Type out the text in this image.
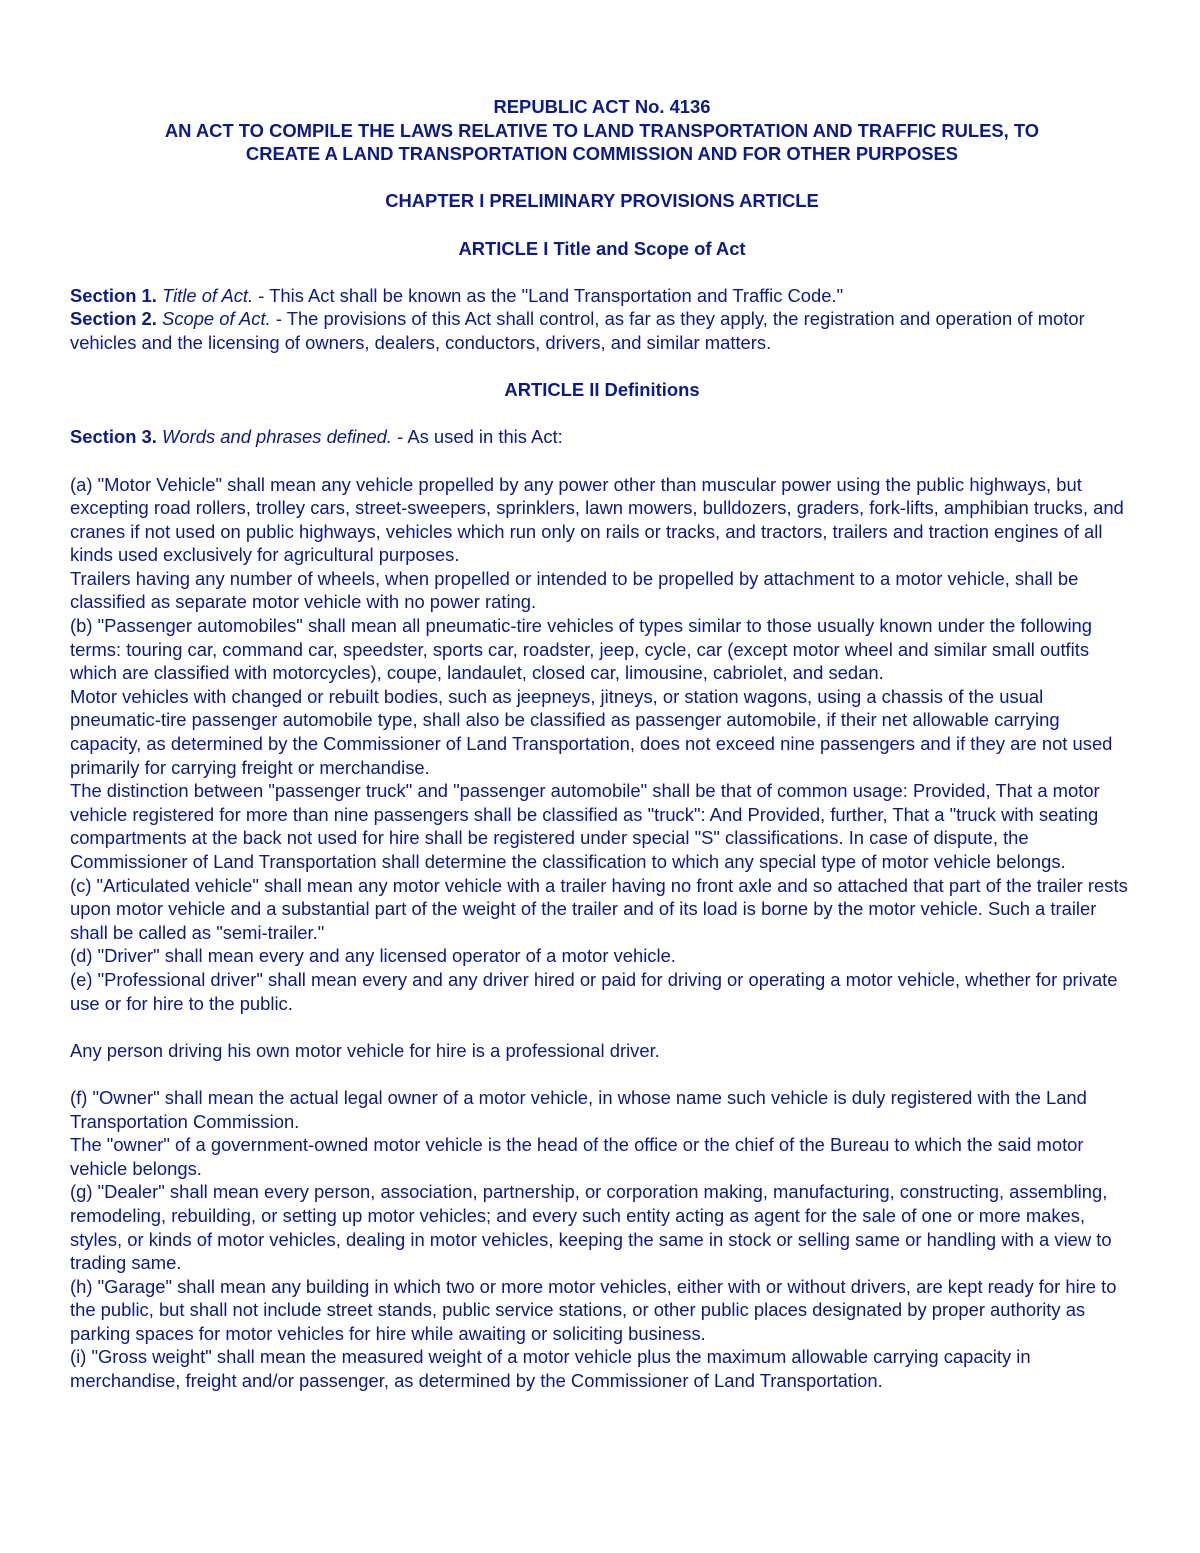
REPUBLIC ACT No. 4136

AN ACT TO COMPILE THE LAWS RELATIVE TO LAND TRANSPORTATION AND TRAFFIC RULES, TO

CREATE A LAND TRANSPORTATION COMMISSION AND FOR OTHER PURPOSES

CHAPTER I PRELIMINARY PROVISIONS ARTICLE

ARTICLE I Title and Scope of Act

Section 1. Title of Act. - This Act shall be known as the "Land Transportation and Traffic Code."

Section 2. Scope of Act. - The provisions of this Act shall control, as far as they apply, the registration and operation of motor vehicles and the licensing of owners, dealers, conductors, drivers, and similar matters.

ARTICLE II Definitions

Section 3. Words and phrases defined. - As used in this Act:

(a) "Motor Vehicle" shall mean any vehicle propelled by any power other than muscular power using the public highways, but excepting road rollers, trolley cars, street-sweepers, sprinklers, lawn mowers, bulldozers, graders, fork-lifts, amphibian trucks, and cranes if not used on public highways, vehicles which run only on rails or tracks, and tractors, trailers and traction engines of all kinds used exclusively for agricultural purposes.

Trailers having any number of wheels, when propelled or intended to be propelled by attachment to a motor vehicle, shall be classified as separate motor vehicle with no power rating.

(b) "Passenger automobiles" shall mean all pneumatic-tire vehicles of types similar to those usually known under the following terms: touring car, command car, speedster, sports car, roadster, jeep, cycle, car (except motor wheel and similar small outfits which are classified with motorcycles), coupe, landaulet, closed car, limousine, cabriolet, and sedan.

Motor vehicles with changed or rebuilt bodies, such as jeepneys, jitneys, or station wagons, using a chassis of the usual pneumatic-tire passenger automobile type, shall also be classified as passenger automobile, if their net allowable carrying capacity, as determined by the Commissioner of Land Transportation, does not exceed nine passengers and if they are not used primarily for carrying freight or merchandise.

The distinction between "passenger truck" and "passenger automobile" shall be that of common usage: Provided, That a motor vehicle registered for more than nine passengers shall be classified as "truck": And Provided, further, That a "truck with seating compartments at the back not used for hire shall be registered under special "S" classifications. In case of dispute, the Commissioner of Land Transportation shall determine the classification to which any special type of motor vehicle belongs.

(c) "Articulated vehicle" shall mean any motor vehicle with a trailer having no front axle and so attached that part of the trailer rests upon motor vehicle and a substantial part of the weight of the trailer and of its load is borne by the motor vehicle. Such a trailer shall be called as "semi-trailer."

(d) "Driver" shall mean every and any licensed operator of a motor vehicle.

(e) "Professional driver" shall mean every and any driver hired or paid for driving or operating a motor vehicle, whether for private use or for hire to the public.

Any person driving his own motor vehicle for hire is a professional driver.

(f) "Owner" shall mean the actual legal owner of a motor vehicle, in whose name such vehicle is duly registered with the Land Transportation Commission.

The "owner" of a government-owned motor vehicle is the head of the office or the chief of the Bureau to which the said motor vehicle belongs.

(g) "Dealer" shall mean every person, association, partnership, or corporation making, manufacturing, constructing, assembling, remodeling, rebuilding, or setting up motor vehicles; and every such entity acting as agent for the sale of one or more makes, styles, or kinds of motor vehicles, dealing in motor vehicles, keeping the same in stock or selling same or handling with a view to trading same.

(h) "Garage" shall mean any building in which two or more motor vehicles, either with or without drivers, are kept ready for hire to the public, but shall not include street stands, public service stations, or other public places designated by proper authority as parking spaces for motor vehicles for hire while awaiting or soliciting business.

(i) "Gross weight" shall mean the measured weight of a motor vehicle plus the maximum allowable carrying capacity in merchandise, freight and/or passenger, as determined by the Commissioner of Land Transportation.
